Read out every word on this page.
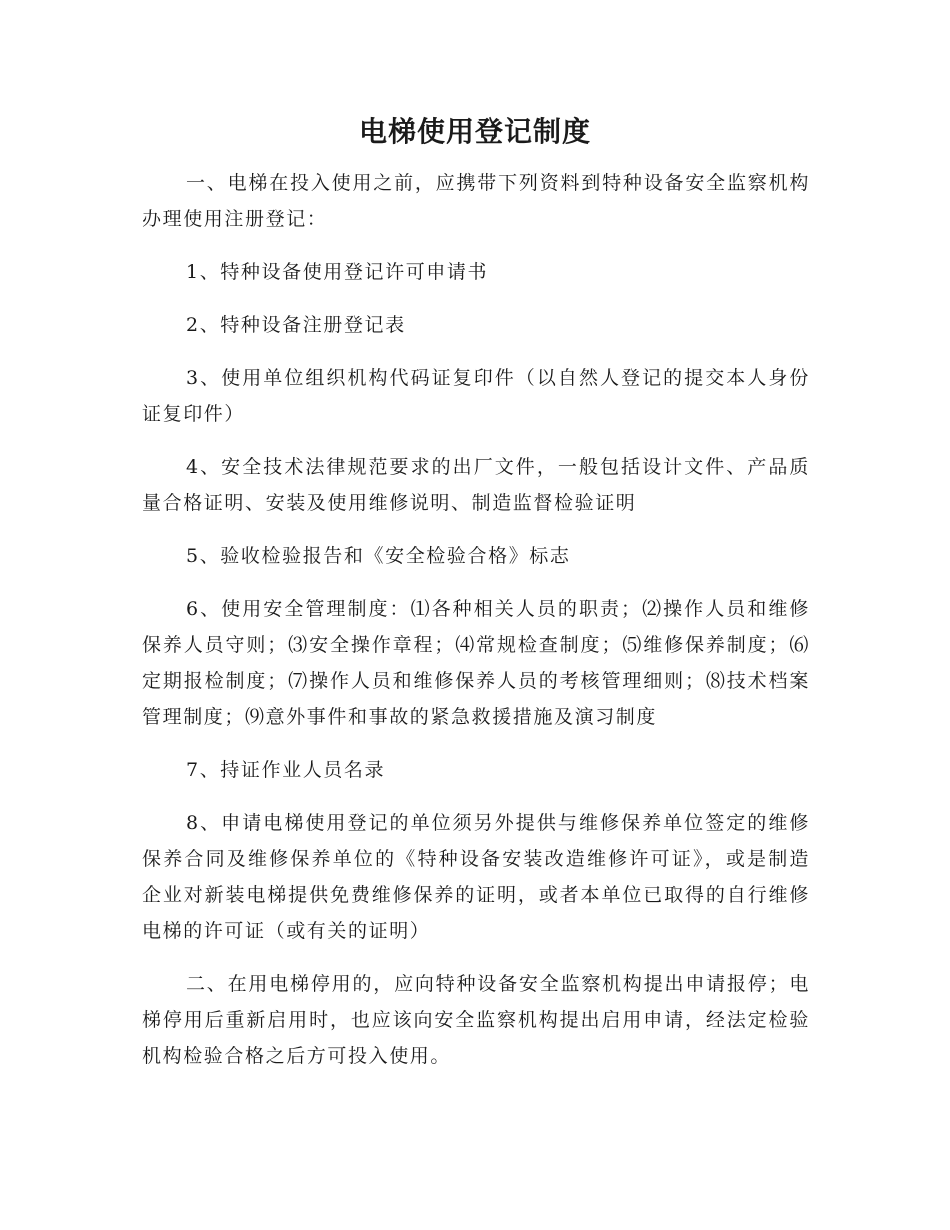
电梯使用登记制度

一、电梯在投入使用之前，应携带下列资料到特种设备安全监察机构办理使用注册登记：

1、特种设备使用登记许可申请书

2、特种设备注册登记表

3、使用单位组织机构代码证复印件（以自然人登记的提交本人身份证复印件）

4、安全技术法律规范要求的出厂文件，一般包括设计文件、产品质量合格证明、安装及使用维修说明、制造监督检验证明

5、验收检验报告和《安全检验合格》标志

6、使用安全管理制度：⑴各种相关人员的职责；⑵操作人员和维修保养人员守则；⑶安全操作章程；⑷常规检查制度；⑸维修保养制度；⑹定期报检制度；⑺操作人员和维修保养人员的考核管理细则；⑻技术档案管理制度；⑼意外事件和事故的紧急救援措施及演习制度

7、持证作业人员名录

8、申请电梯使用登记的单位须另外提供与维修保养单位签定的维修保养合同及维修保养单位的《特种设备安装改造维修许可证》，或是制造企业对新装电梯提供免费维修保养的证明，或者本单位已取得的自行维修电梯的许可证（或有关的证明）

二、在用电梯停用的，应向特种设备安全监察机构提出申请报停；电梯停用后重新启用时，也应该向安全监察机构提出启用申请，经法定检验机构检验合格之后方可投入使用。
